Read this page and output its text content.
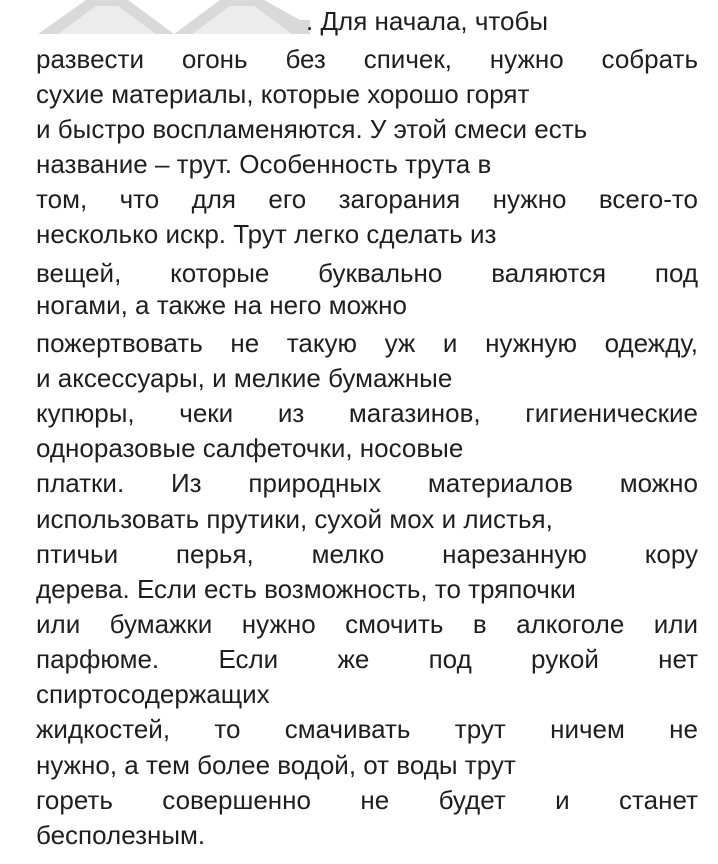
. Для начала, чтобы
развести огонь без спичек, нужно собрать
сухие материалы, которые хорошо горят
и быстро воспламеняются. У этой смеси есть
название – трут. Особенность трута в
том, что для его загорания нужно всего-то
несколько искр. Трут легко сделать из
вещей, которые буквально валяются под
ногами, а также на него можно
пожертвовать не такую уж и нужную одежду,
и аксессуары, и мелкие бумажные
купюры, чеки из магазинов, гигиенические
одноразовые салфеточки, носовые
платки. Из природных материалов можно
использовать прутики, сухой мох и листья,
птичьи перья, мелко нарезанную кору
дерева. Если есть возможность, то тряпочки
или бумажки нужно смочить в алкоголе или
парфюме. Если же под рукой нет
спиртосодержащих
жидкостей, то смачивать трут ничем не
нужно, а тем более водой, от воды трут
гореть совершенно не будет и станет
бесполезным.
